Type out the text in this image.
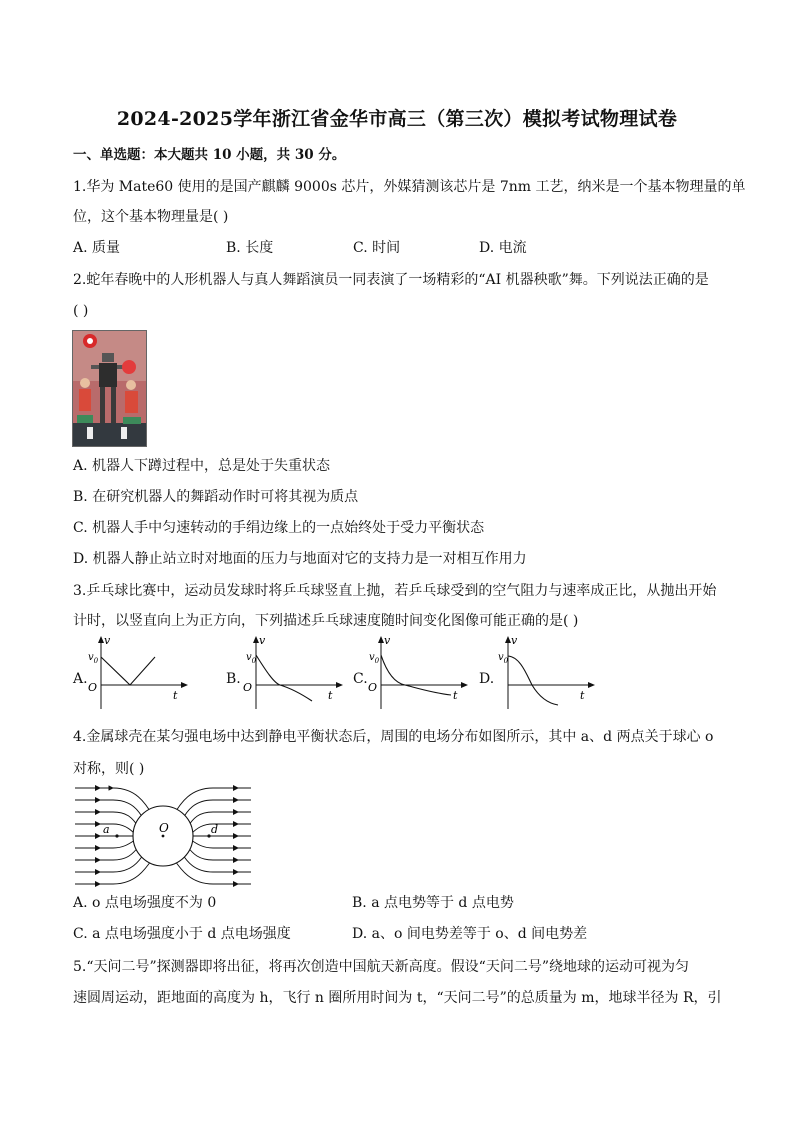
2024-2025学年浙江省金华市高三（第三次）模拟考试物理试卷
一、单选题：本大题共 10 小题，共 30 分。
1.华为 Mate60 使用的是国产麒麟 9000s 芯片，外媒猜测该芯片是 7nm 工艺，纳米是一个基本物理量的单
位，这个基本物理量是( )
A. 质量	B. 长度	C. 时间	D. 电流
2.蛇年春晚中的人形机器人与真人舞蹈演员一同表演了一场精彩的“AI 机器秧歌”舞。下列说法正确的是
( )
A. 机器人下蹲过程中，总是处于失重状态
B. 在研究机器人的舞蹈动作时可将其视为质点
C. 机器人手中匀速转动的手绢边缘上的一点始终处于受力平衡状态
D. 机器人静止站立时对地面的压力与地面对它的支持力是一对相互作用力
3.乒乓球比赛中，运动员发球时将乒乓球竖直上抛，若乒乓球受到的空气阻力与速率成正比，从抛出开始
计时，以竖直向上为正方向，下列描述乒乓球速度随时间变化图像可能正确的是( )
A.
v
t
O
$v_0$
B.
v
t
O
$v_0$
C.
v
t
O
$v_0$
D.
v
t
$v_0$
4.金属球壳在某匀强电场中达到静电平衡状态后，周围的电场分布如图所示，其中 a、d 两点关于球心 o
对称，则( )
O
a	d
A. o 点电场强度不为 0	B. a 点电势等于 d 点电势
C. a 点电场强度小于 d 点电场强度	D. a、o 间电势差等于 o、d 间电势差
5.“天问二号”探测器即将出征，将再次创造中国航天新高度。假设“天问二号”绕地球的运动可视为匀
速圆周运动，距地面的高度为 h，飞行 n 圈所用时间为 t，“天问二号”的总质量为 m，地球半径为 R，引
